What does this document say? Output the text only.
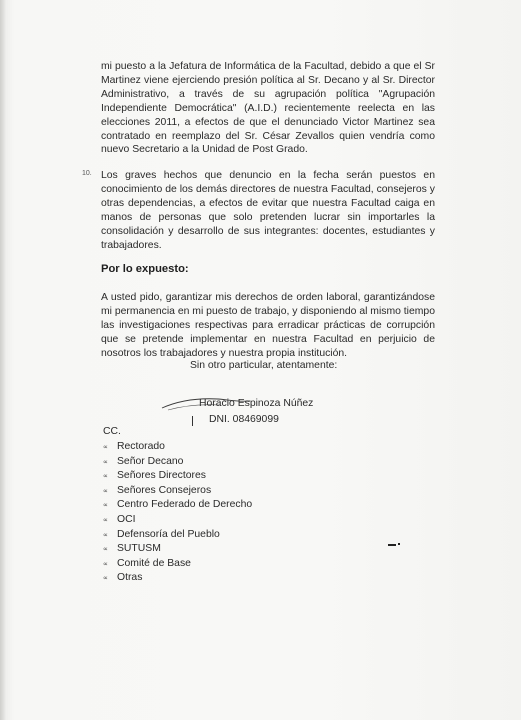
mi puesto a la Jefatura de Informática de la Facultad, debido a que el Sr Martinez viene ejerciendo presión política al Sr. Decano y al Sr. Director Administrativo, a través de su agrupación política "Agrupación Independiente Democrática" (A.I.D.) recientemente reelecta en las elecciones 2011, a efectos de que el denunciado Victor Martinez sea contratado en reemplazo del Sr. César Zevallos quien vendría como nuevo Secretario a la Unidad de Post Grado.

10. Los graves hechos que denuncio en la fecha serán puestos en conocimiento de los demás directores de nuestra Facultad, consejeros y otras dependencias, a efectos de evitar que nuestra Facultad caiga en manos de personas que solo pretenden lucrar sin importarles la consolidación y desarrollo de sus integrantes: docentes, estudiantes y trabajadores.

Por lo expuesto:

A usted pido, garantizar mis derechos de orden laboral, garantizándose mi permanencia en mi puesto de trabajo, y disponiendo al mismo tiempo las investigaciones respectivas para erradicar prácticas de corrupción que se pretende implementar en nuestra Facultad en perjuicio de nosotros los trabajadores y nuestra propia institución.

Sin otro particular, atentamente:

Horacio Espinoza Núñez

DNI. 08469099

CC.

∝ Rectorado
∝ Señor Decano
∝ Señores Directores
∝ Señores Consejeros
∝ Centro Federado de Derecho
∝ OCI
∝ Defensoría del Pueblo
∝ SUTUSM
∝ Comité de Base
∝ Otras
